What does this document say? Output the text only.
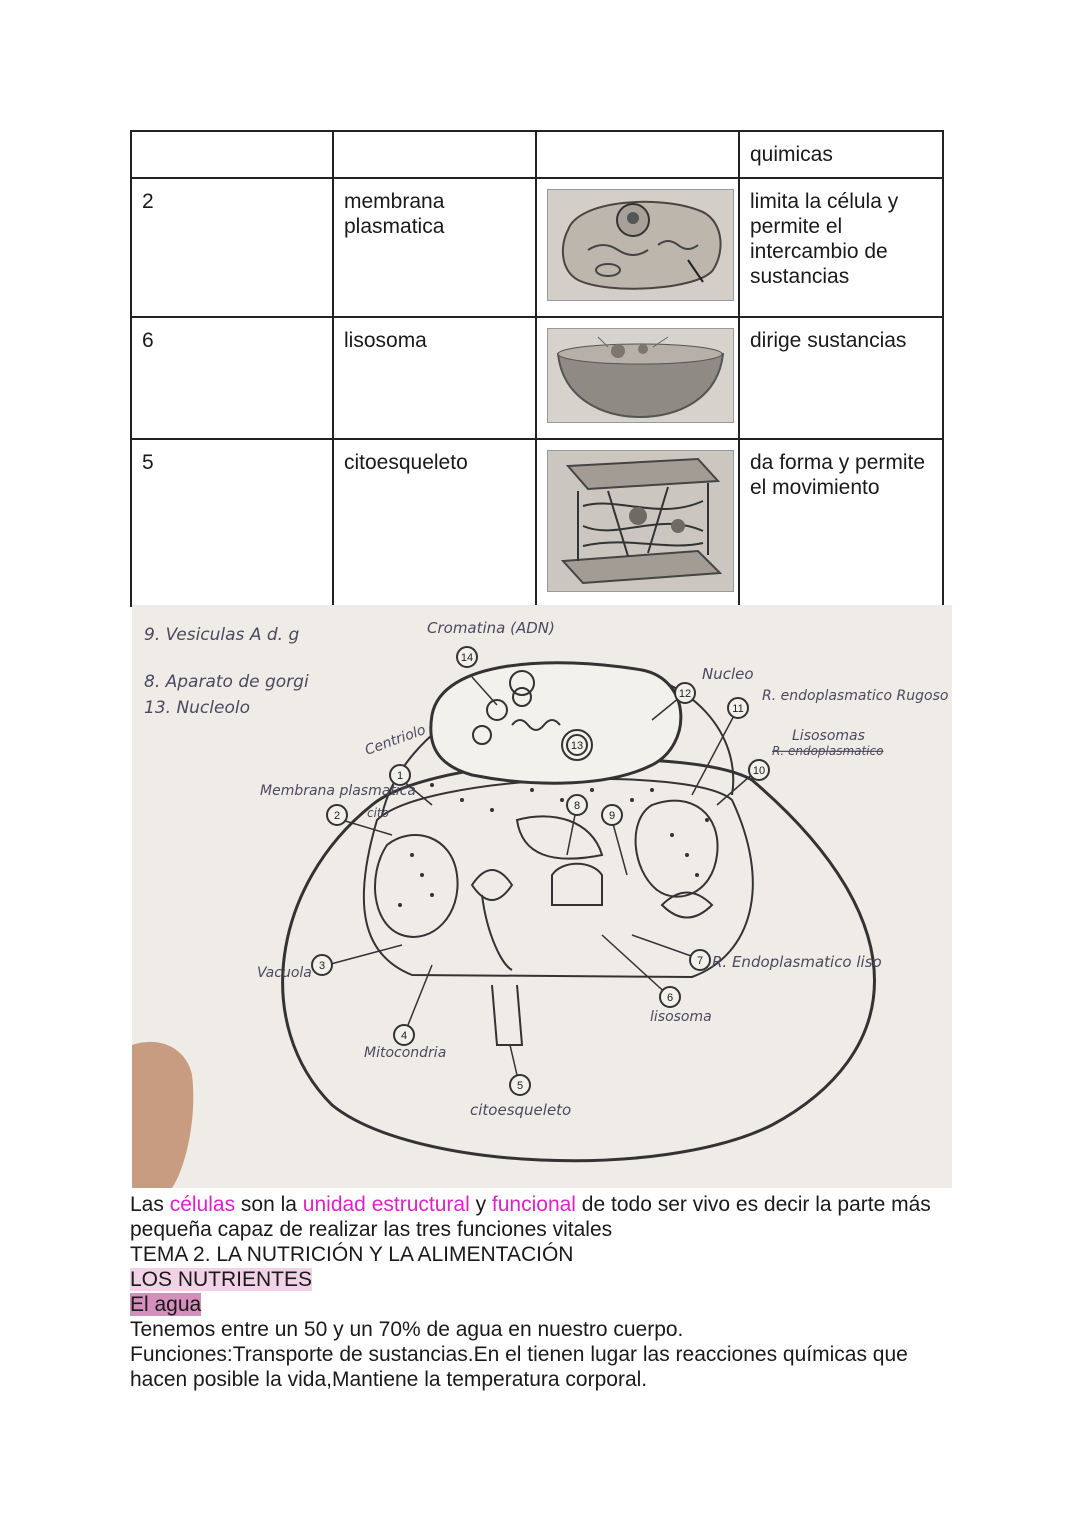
			quimicas
2	membrana plasmatica		limita la célula y permite el intercambio de sustancias
6	lisosoma		dirige sustancias
5	citoesqueleto		da forma y permite el movimiento
1
2
3
4
5
6
7
8
9
10
11
12
13
14
9. Vesiculas A d. g
8. Aparato de gorgi
13. Nucleolo
Cromatina (ADN)
Nucleo
R. endoplasmatico Rugoso
Lisosomas
R. endoplasmatico
Centriolo
Membrana plasmatica
cito
Vacuola
R. Endoplasmatico liso
lisosoma
Mitocondria
citoesqueleto

Las células son la unidad estructural y funcional de todo ser vivo es decir la parte más pequeña capaz de realizar las tres funciones vitales

TEMA 2. LA NUTRICIÓN Y LA ALIMENTACIÓN

LOS NUTRIENTES

El agua

Tenemos entre un 50 y un 70% de agua en nuestro cuerpo.

Funciones:Transporte de sustancias.En el tienen lugar las reacciones químicas que hacen posible la vida,Mantiene la temperatura corporal.
